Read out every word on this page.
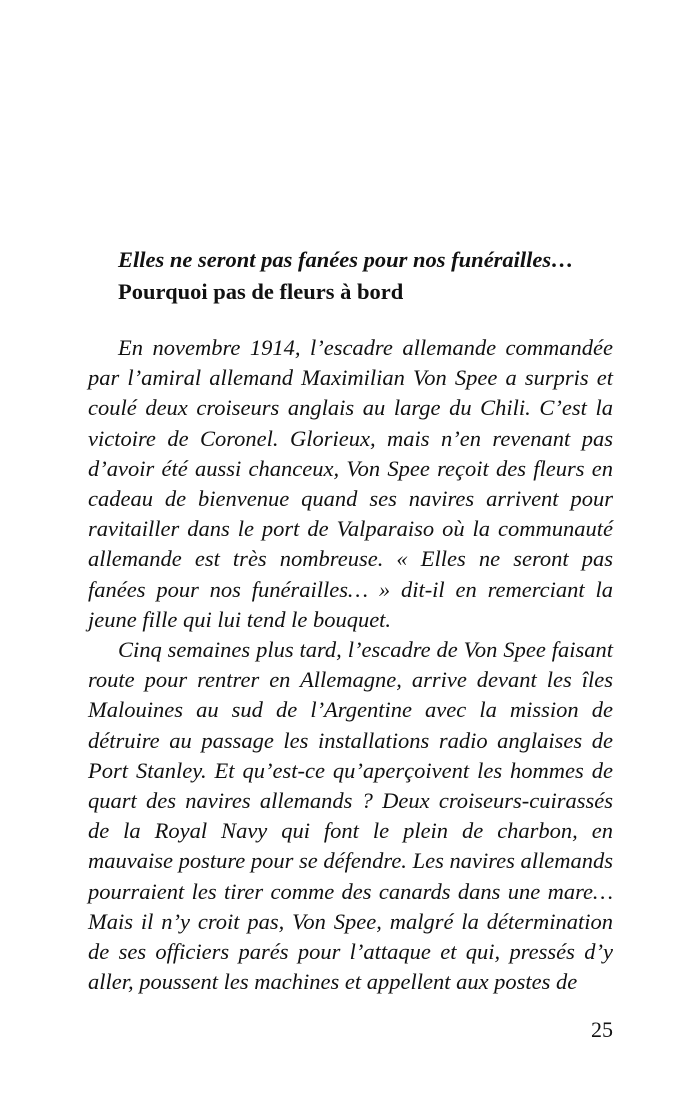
Elles ne seront pas fanées pour nos funérailles…
Pourquoi pas de fleurs à bord

En novembre 1914, l’escadre allemande commandée par l’amiral allemand Maximilian Von Spee a surpris et coulé deux croiseurs anglais au large du Chili. C’est la victoire de Coronel. Glorieux, mais n’en revenant pas d’avoir été aussi chanceux, Von Spee reçoit des fleurs en cadeau de bienvenue quand ses navires arrivent pour ravitailler dans le port de Valparaiso où la communauté allemande est très nombreuse. « Elles ne seront pas fanées pour nos funérailles… » dit-il en remerciant la jeune fille qui lui tend le bouquet.

Cinq semaines plus tard, l’escadre de Von Spee faisant route pour rentrer en Allemagne, arrive devant les îles Malouines au sud de l’Argentine avec la mission de détruire au passage les installations radio anglaises de Port Stanley. Et qu’est-ce qu’aperçoivent les hommes de quart des navires allemands ? Deux croiseurs-cuirassés de la Royal Navy qui font le plein de charbon, en mauvaise posture pour se défendre. Les navires allemands pourraient les tirer comme des canards dans une mare… Mais il n’y croit pas, Von Spee, malgré la détermination de ses officiers parés pour l’attaque et qui, pressés d’y aller, poussent les machines et appellent aux postes de

25
